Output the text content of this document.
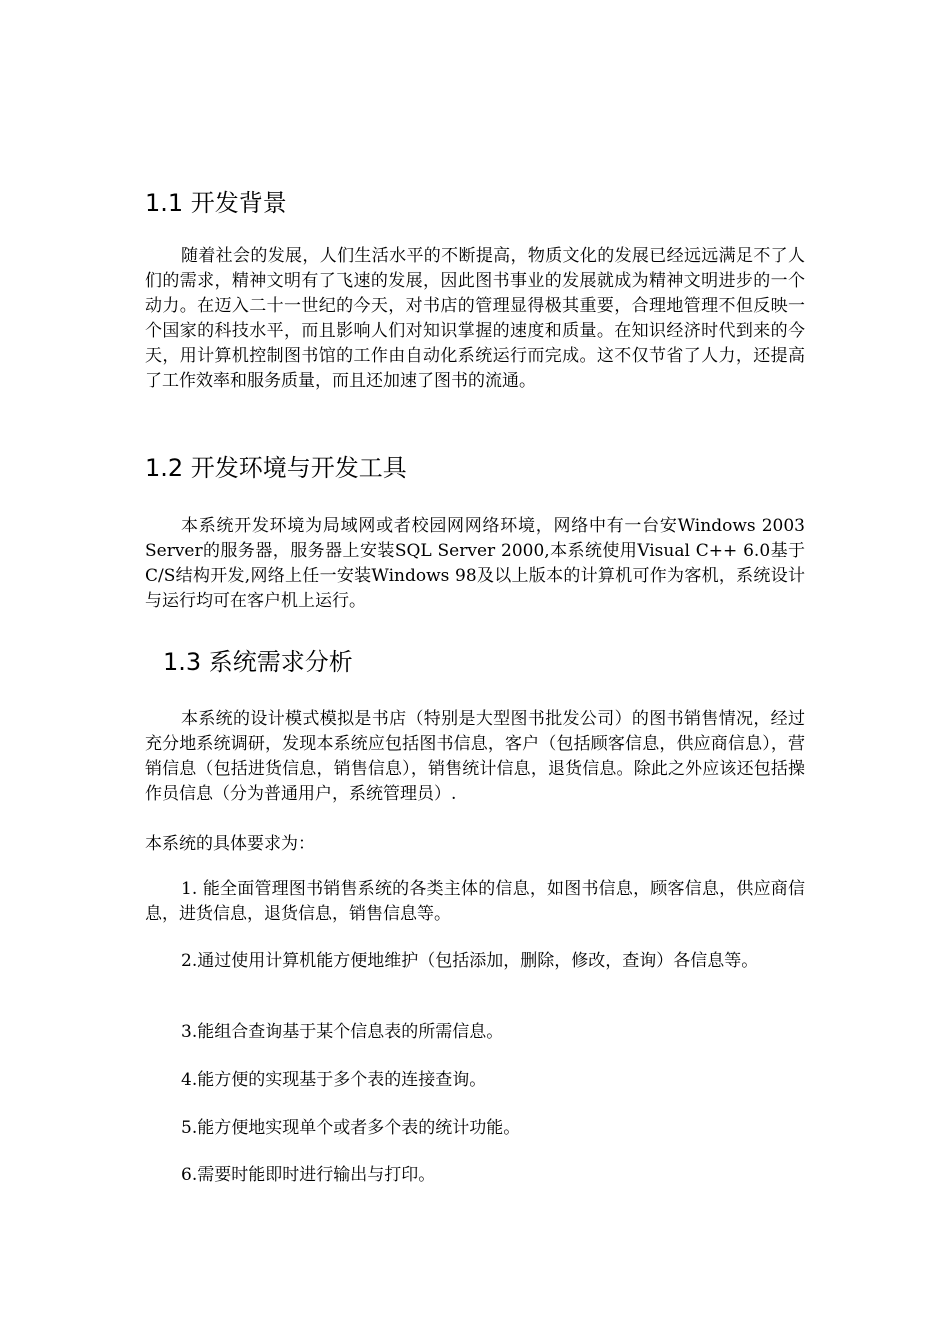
1.1 开发背景

随着社会的发展，人们生活水平的不断提高，物质文化的发展已经远远满足不了人们的需求，精神文明有了飞速的发展，因此图书事业的发展就成为精神文明进步的一个动力。在迈入二十一世纪的今天，对书店的管理显得极其重要，合理地管理不但反映一个国家的科技水平，而且影响人们对知识掌握的速度和质量。在知识经济时代到来的今天，用计算机控制图书馆的工作由自动化系统运行而完成。这不仅节省了人力，还提高了工作效率和服务质量，而且还加速了图书的流通。

1.2 开发环境与开发工具

本系统开发环境为局域网或者校园网网络环境，网络中有一台安Windows 2003 Server的服务器，服务器上安装SQL Server 2000,本系统使用Visual C++ 6.0基于C/S结构开发,网络上任一安装Windows 98及以上版本的计算机可作为客机，系统设计与运行均可在客户机上运行。

1.3 系统需求分析

本系统的设计模式模拟是书店（特别是大型图书批发公司）的图书销售情况，经过充分地系统调研，发现本系统应包括图书信息，客户（包括顾客信息，供应商信息），营销信息（包括进货信息，销售信息），销售统计信息，退货信息。除此之外应该还包括操作员信息（分为普通用户，系统管理员）.

本系统的具体要求为：

1. 能全面管理图书销售系统的各类主体的信息，如图书信息，顾客信息，供应商信息，进货信息，退货信息，销售信息等。

2.通过使用计算机能方便地维护（包括添加，删除，修改，查询）各信息等。

3.能组合查询基于某个信息表的所需信息。

4.能方便的实现基于多个表的连接查询。

5.能方便地实现单个或者多个表的统计功能。

6.需要时能即时进行输出与打印。
